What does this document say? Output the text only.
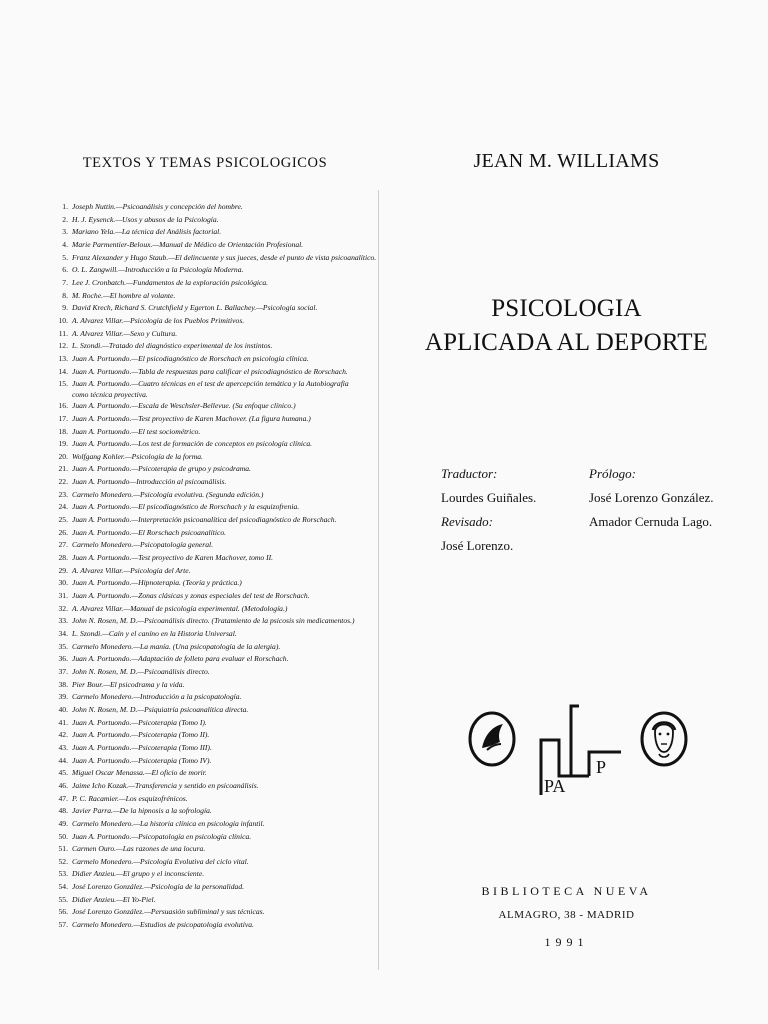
TEXTOS Y TEMAS PSICOLOGICOS
1. Joseph Nuttin.—Psicoanálisis y concepción del hombre.
2. H. J. Eysenck.—Usos y abusos de la Psicología.
3. Mariano Yela.—La técnica del Análisis factorial.
4. Marie Parmentier-Beloux.—Manual de Médico de Orientación Profesional.
5. Franz Alexander y Hugo Staub.—El delincuente y sus jueces, desde el punto de vista psicoanalítico.
6. O. L. Zangwill.—Introducción a la Psicología Moderna.
7. Lee J. Cronbatch.—Fundamentos de la exploración psicológica.
8. M. Roche.—El hombre al volante.
9. David Krech, Richard S. Crutchfield y Egerton L. Ballachey.—Psicología social.
10. A. Alvarez Villar.—Psicología de los Pueblos Primitivos.
11. A. Alvarez Villar.—Sexo y Cultura.
12. L. Szondi.—Tratado del diagnóstico experimental de los instintos.
13. Juan A. Portuondo.—El psicodiagnóstico de Rorschach en psicología clínica.
14. Juan A. Portuondo.—Tabla de respuestas para calificar el psicodiagnóstico de Rorschach.
15. Juan A. Portuondo.—Cuatro técnicas en el test de apercepción temática y la Autobiografía como técnica proyectiva.
16. Juan A. Portuondo.—Escala de Weschsler-Bellevue. (Su enfoque clínico.)
17. Juan A. Portuondo.—Test proyectivo de Karen Machover. (La figura humana.)
18. Juan A. Portuondo.—El test sociométrico.
19. Juan A. Portuondo.—Los test de formación de conceptos en psicología clínica.
20. Wolfgang Kohler.—Psicología de la forma.
21. Juan A. Portuondo.—Psicoterapia de grupo y psicodrama.
22. Juan A. Portuondo—Introducción al psicoanálisis.
23. Carmelo Monedero.—Psicología evolutiva. (Segunda edición.)
24. Juan A. Portuondo.—El psicodiagnóstico de Rorschach y la esquizofrenia.
25. Juan A. Portuondo.—Interpretación psicoanalítica del psicodiagnóstico de Rorschach.
26. Juan A. Portuondo.—El Rorschach psicoanalítico.
27. Carmelo Monedero.—Psicopatología general.
28. Juan A. Portuondo.—Test proyectivo de Karen Machover, tomo II.
29. A. Alvarez Villar.—Psicología del Arte.
30. Juan A. Portuondo.—Hipnoterapia. (Teoría y práctica.)
31. Juan A. Portuondo.—Zonas clásicas y zonas especiales del test de Rorschach.
32. A. Alvarez Villar.—Manual de psicología experimental. (Metodología.)
33. John N. Rosen, M. D.—Psicoanálisis directo. (Tratamiento de la psicosis sin medicamentos.)
34. L. Szondi.—Caín y el caníno en la Historia Universal.
35. Carmelo Monedero.—La manía. (Una psicopatología de la alergia).
36. Juan A. Portuondo.—Adaptación de folleto para evaluar el Rorschach.
37. John N. Rosen, M. D.—Psicoanálisis directo.
38. Pier Bour.—El psicodrama y la vida.
39. Carmelo Monedero.—Introducción a la psicopatología.
40. John N. Rosen, M. D.—Psiquiatría psicoanalítica directa.
41. Juan A. Portuondo.—Psicoterapia (Tomo I).
42. Juan A. Portuondo.—Psicoterapia (Tomo II).
43. Juan A. Portuondo.—Psicoterapia (Tomo III).
44. Juan A. Portuondo.—Psicoterapia (Tomo IV).
45. Miguel Oscar Menassa.—El oficio de morir.
46. Jaime Icho Kozak.—Transferencia y sentido en psicoanálisis.
47. P. C. Racamier.—Los esquizofrénicos.
48. Javier Parra.—De la hipnosis a la sofrología.
49. Carmelo Monedero.—La historia clínica en psicología infantil.
50. Juan A. Portuondo.—Psicopatología en psicología clínica.
51. Carmen Ouro.—Las razones de una locura.
52. Carmelo Monedero.—Psicología Evolutiva del ciclo vital.
53. Didier Anzieu.—El grupo y el inconsciente.
54. José Lorenzo González.—Psicología de la personalidad.
55. Didier Anzieu.—El Yo-Piel.
56. José Lorenzo González.—Persuasión subliminal y sus técnicas.
57. Carmelo Monedero.—Estudios de psicopatología evolutiva.
JEAN M. WILLIAMS
PSICOLOGIA
APLICADA AL DEPORTE
Traductor:
Lourdes Guiñales.
Revisado:
José Lorenzo.
Prólogo:
José Lorenzo González.
Amador Cernuda Lago.
PA
P
BIBLIOTECA NUEVA
ALMAGRO, 38 - MADRID
1991
